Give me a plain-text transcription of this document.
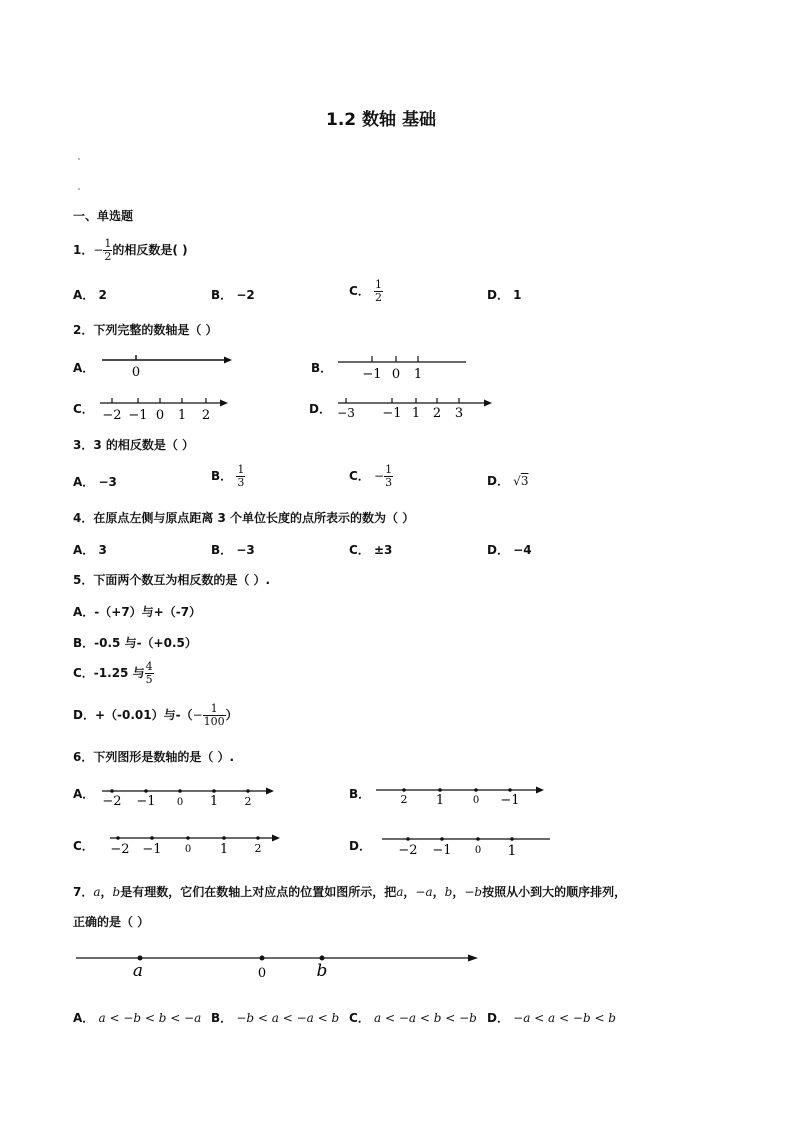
1.2 数轴 基础
一、单选题
1．− $\frac{1}{2}$ 的相反数是( )
A． 2	B． −2	C． $\frac{1}{2}$	D． 1
2．下列完整的数轴是（ ）
A．	0	B． −1 0 1
C． −2 −1 0 1 2	D． −3 −1 1 2 3
3．3 的相反数是（ ）
A． −3	B． $\frac{1}{3}$	C． − $\frac{1}{3}$	D． √3
4．在原点左侧与原点距离 3 个单位长度的点所表示的数为（ ）
A． 3	B． −3	C． ±3	D． −4
5．下面两个数互为相反数的是（ ）.
A．-（+7）与+（-7）
B．-0.5 与-（+0.5）
C．-1.25 与 $\frac{4}{5}$
D．+（-0.01）与-（− $\frac{1}{100}$ ）
6．下列图形是数轴的是（ ）.
A． −2 −1 0 1 2
B．	2 1	0 −1
C． −2 −1 0 1 2	D． −2 −1 0 1
7．a，b是有理数，它们在数轴上对应点的位置如图所示，把a，−a，b，−b按照从小到大的顺序排列，
正确的是（ ）
a	0	b
A． a < −b < b < −a B． −b < a < −a < b C． a < −a < b < −b D． −a < a < −b < b
